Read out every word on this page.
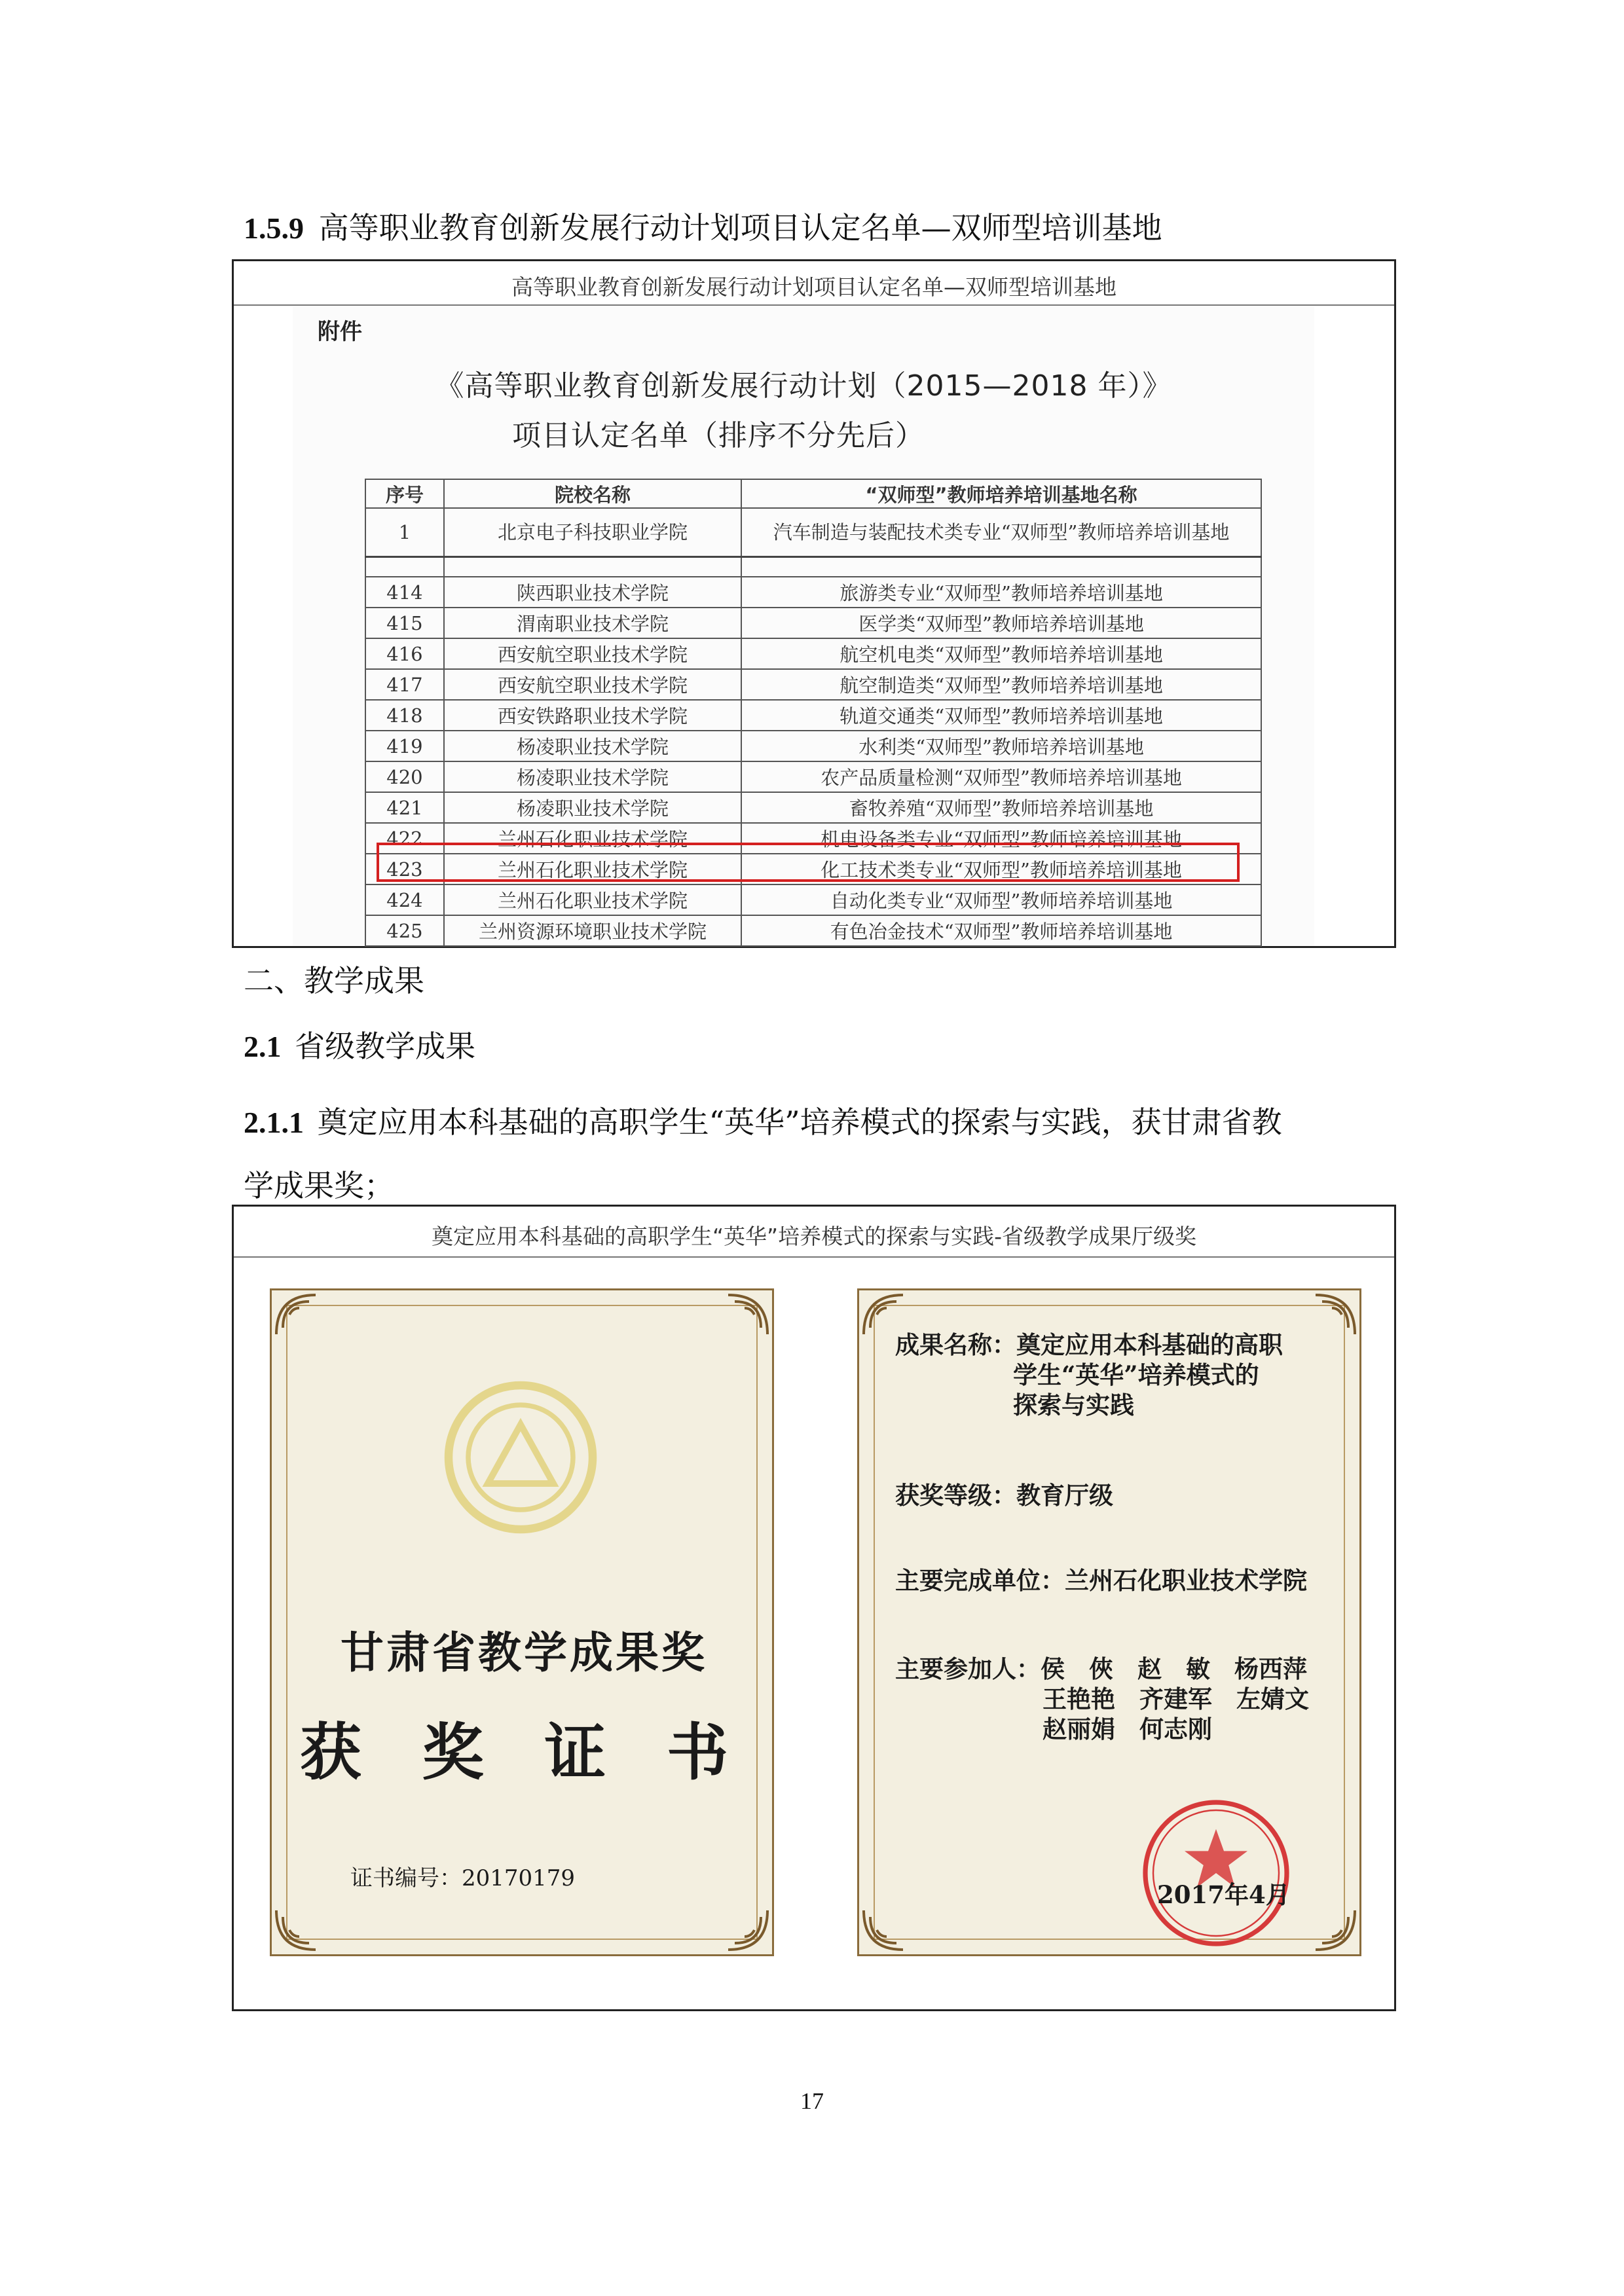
1.5.9 高等职业教育创新发展行动计划项目认定名单—双师型培训基地
高等职业教育创新发展行动计划项目认定名单—双师型培训基地
附件
《高等职业教育创新发展行动计划（2015—2018 年）》
项目认定名单（排序不分先后）
序号	院校名称	“双师型”教师培养培训基地名称
1	北京电子科技职业学院	汽车制造与装配技术类专业“双师型”教师培养培训基地

414	陕西职业技术学院	旅游类专业“双师型”教师培养培训基地
415	渭南职业技术学院	医学类“双师型”教师培养培训基地
416	西安航空职业技术学院	航空机电类“双师型”教师培养培训基地
417	西安航空职业技术学院	航空制造类“双师型”教师培养培训基地
418	西安铁路职业技术学院	轨道交通类“双师型”教师培养培训基地
419	杨凌职业技术学院	水利类“双师型”教师培养培训基地
420	杨凌职业技术学院	农产品质量检测“双师型”教师培养培训基地
421	杨凌职业技术学院	畜牧养殖“双师型”教师培养培训基地
422	兰州石化职业技术学院	机电设备类专业“双师型”教师培养培训基地
423	兰州石化职业技术学院	化工技术类专业“双师型”教师培养培训基地
424	兰州石化职业技术学院	自动化类专业“双师型”教师培养培训基地
425	兰州资源环境职业技术学院	有色冶金技术“双师型”教师培养培训基地
二、教学成果
2.1 省级教学成果
2.1.1 奠定应用本科基础的高职学生“英华”培养模式的探索与实践，获甘肃省教
学成果奖；
奠定应用本科基础的高职学生“英华”培养模式的探索与实践-省级教学成果厅级奖
甘肃省教学成果奖
获 奖 证 书
证书编号：20170179
成果名称：奠定应用本科基础的高职
学生“英华”培养模式的
探索与实践
获奖等级：教育厅级
主要完成单位：兰州石化职业技术学院
主要参加人：侯　俠　赵　敏　杨西萍
王艳艳　齐建军　左婧文
赵丽娟　何志刚
2017年4月
17
